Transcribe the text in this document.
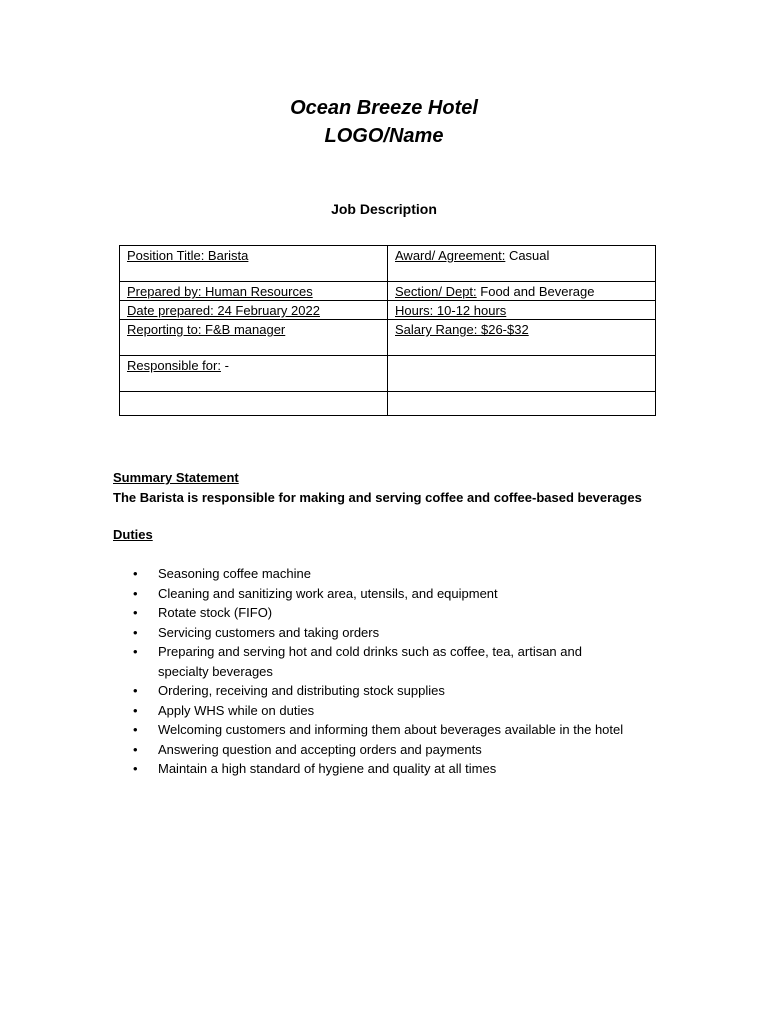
Ocean Breeze Hotel
LOGO/Name
Job Description
Position Title: Barista	Award/ Agreement: Casual
Prepared by: Human Resources	Section/ Dept: Food and Beverage
Date prepared: 24 February 2022	Hours: 10-12 hours
Reporting to: F&B manager	Salary Range: $26-$32
Responsible for: -	

Summary Statement
The Barista is responsible for making and serving coffee and coffee-based beverages
Duties
• Seasoning coffee machine
• Cleaning and sanitizing work area, utensils, and equipment
• Rotate stock (FIFO)
• Servicing customers and taking orders
• Preparing and serving hot and cold drinks such as coffee, tea, artisan and specialty beverages
• Ordering, receiving and distributing stock supplies
• Apply WHS while on duties
• Welcoming customers and informing them about beverages available in the hotel
• Answering question and accepting orders and payments
• Maintain a high standard of hygiene and quality at all times
